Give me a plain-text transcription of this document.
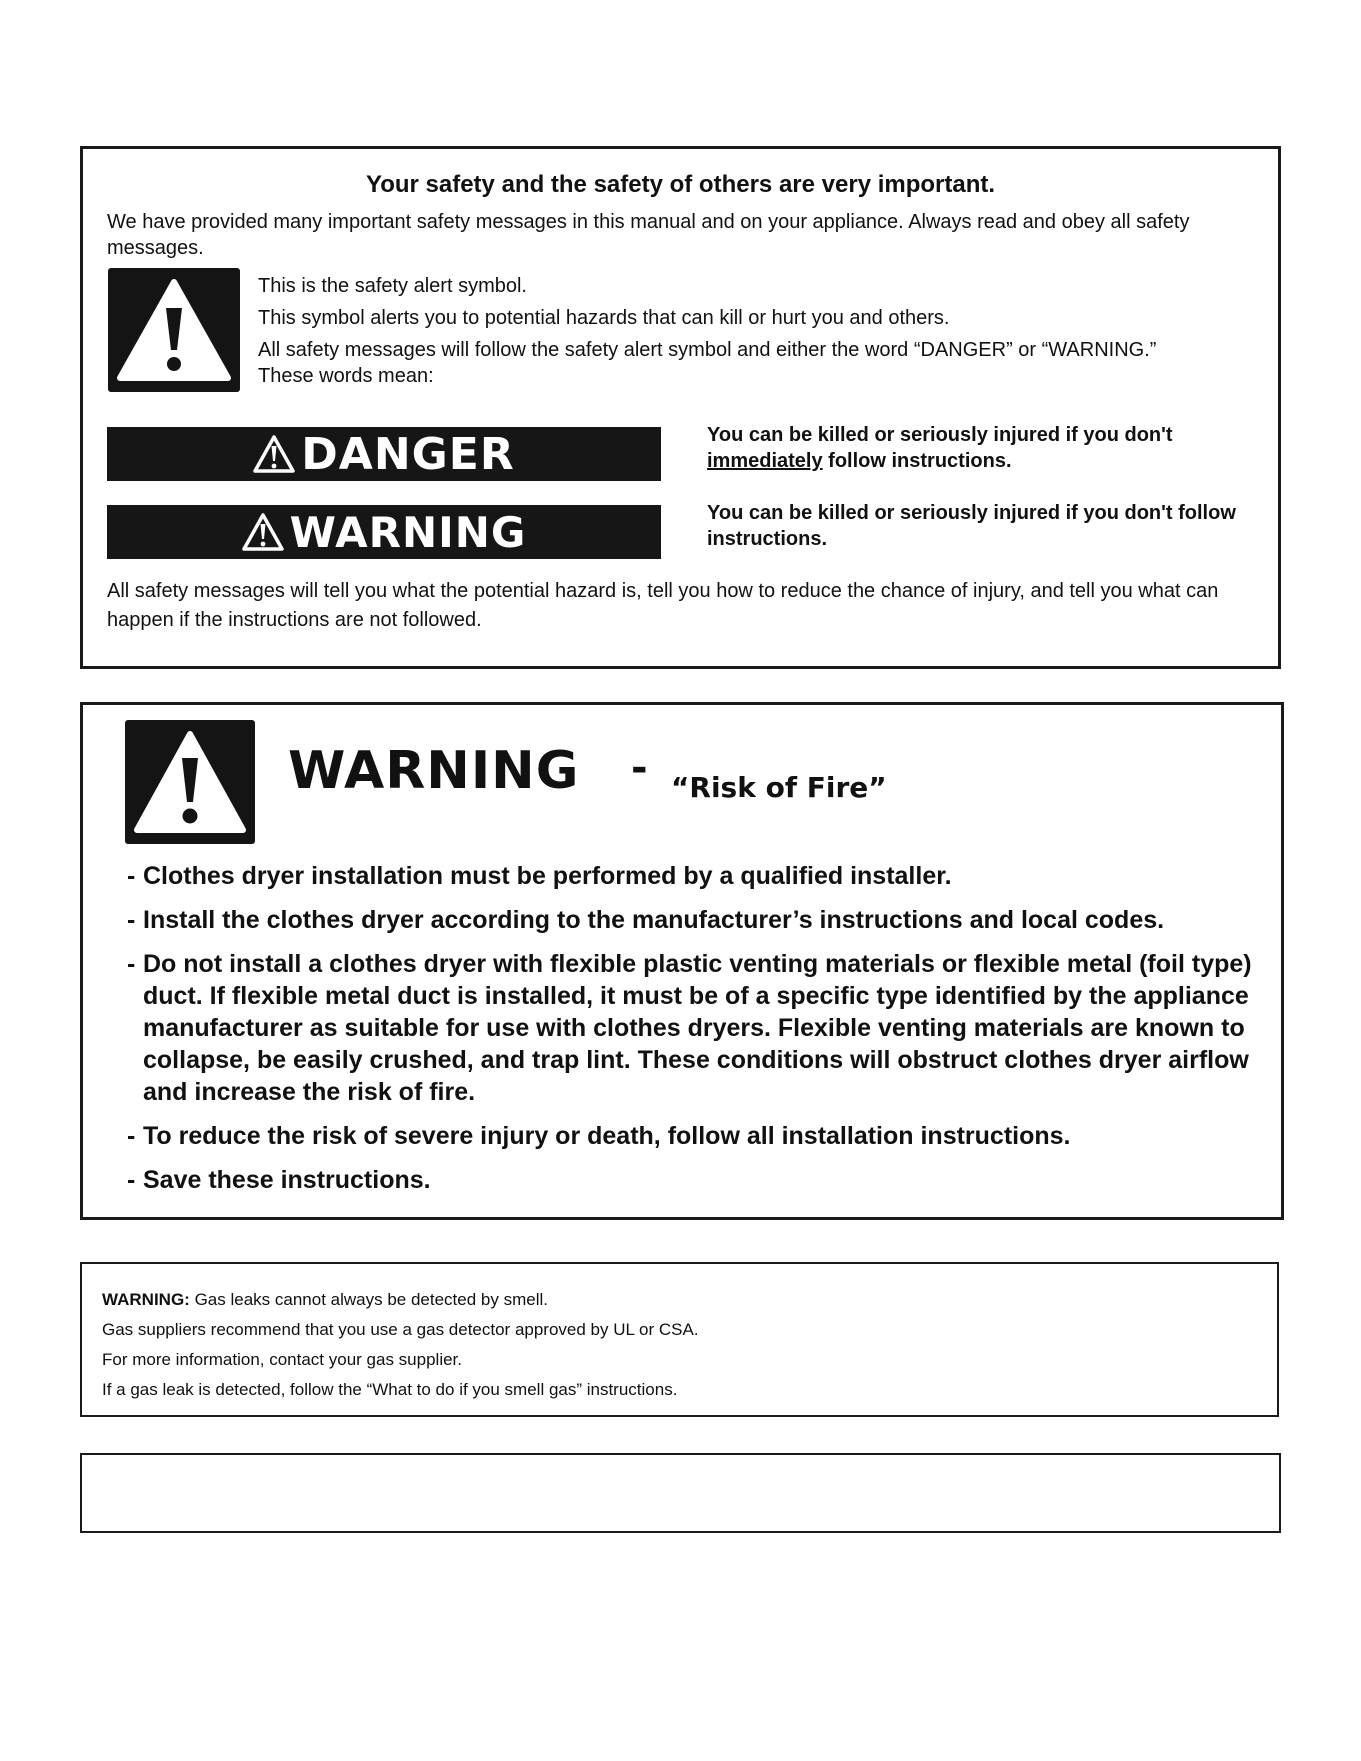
Your safety and the safety of others are very important.
We have provided many important safety messages in this manual and on your appliance. Always read and obey all safety messages.

This is the safety alert symbol.

This symbol alerts you to potential hazards that can kill or hurt you and others.

All safety messages will follow the safety alert symbol and either the word “DANGER” or “WARNING.” These words mean:

DANGER	You can be killed or seriously injured if you don't
immediately follow instructions.
WARNING	You can be killed or seriously injured if you don't follow instructions.
All safety messages will tell you what the potential hazard is, tell you how to reduce the chance of injury, and tell you what can happen if the instructions are not followed.
WARNING - “Risk of Fire”
- Clothes dryer installation must be performed by a qualified installer.
- Install the clothes dryer according to the manufacturer’s instructions and local codes.
- Do not install a clothes dryer with flexible plastic venting materials or flexible metal (foil type) duct. If flexible metal duct is installed, it must be of a specific type identified by the appliance manufacturer as suitable for use with clothes dryers. Flexible venting materials are known to collapse, be easily crushed, and trap lint. These conditions will obstruct clothes dryer airflow and increase the risk of fire.
- To reduce the risk of severe injury or death, follow all installation instructions.
- Save these instructions.
WARNING: Gas leaks cannot always be detected by smell.
Gas suppliers recommend that you use a gas detector approved by UL or CSA.
For more information, contact your gas supplier.
If a gas leak is detected, follow the “What to do if you smell gas” instructions.
